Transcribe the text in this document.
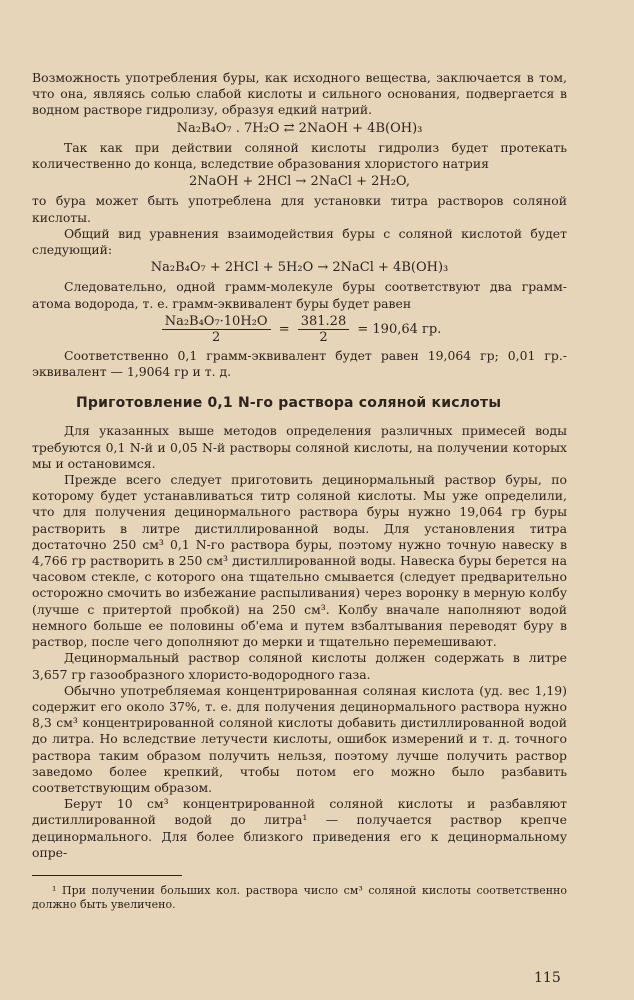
Возможность употребления буры, как исходного вещества, заключается в том, что она, являясь солью слабой кислоты и сильного основания, подвергается в водном растворе гидролизу, образуя едкий натрий.

Na₂B₄O₇ . 7H₂O ⇄ 2NaOH + 4B(OH)₃

Так как при действии соляной кислоты гидролиз будет протекать количественно до конца, вследствие образования хлористого натрия

2NaOH + 2HCl → 2NaCl + 2H₂O,

то бура может быть употреблена для установки титра растворов соляной кислоты.

Общий вид уравнения взаимодействия буры с соляной кислотой будет следующий:

Na₂B₄O₇ + 2HCl + 5H₂O → 2NaCl + 4B(OH)₃

Следовательно, одной грамм-молекуле буры соответствуют два грамм-атома водорода, т. е. грамм-эквивалент буры будет равен

$\frac{\text{Na₂B₄O₇·10H₂O}}{2} = \frac{381.28}{2} = 190,64$ гр.

Соответственно 0,1 грамм-эквивалент будет равен 19,064 гр; 0,01 гр.-эквивалент — 1,9064 гр и т. д.

Приготовление 0,1 N-го раствора соляной кислоты

Для указанных выше методов определения различных примесей воды требуются 0,1 N-й и 0,05 N-й растворы соляной кислоты, на получении которых мы и остановимся.

Прежде всего следует приготовить децинормальный раствор буры, по которому будет устанавливаться титр соляной кислоты. Мы уже определили, что для получения децинормального раствора буры нужно 19,064 гр буры растворить в литре дистиллированной воды. Для установления титра достаточно 250 см³ 0,1 N-го раствора буры, поэтому нужно точную навеску в 4,766 гр растворить в 250 см³ дистиллированной воды. Навеска буры берется на часовом стекле, с которого она тщательно смывается (следует предварительно осторожно смочить во избежание распыливания) через воронку в мерную колбу (лучше с притертой пробкой) на 250 см³. Колбу вначале наполняют водой немного больше ее половины об'ема и путем взбалтывания переводят буру в раствор, после чего дополняют до мерки и тщательно перемешивают.

Децинормальный раствор соляной кислоты должен содержать в литре 3,657 гр газообразного хлористо-водородного газа.

Обычно употребляемая концентрированная соляная кислота (уд. вес 1,19) содержит его около 37%, т. е. для получения децинормального раствора нужно 8,3 см³ концентрированной соляной кислоты добавить дистиллированной водой до литра. Но вследствие летучести кислоты, ошибок измерений и т. д. точного раствора таким образом получить нельзя, поэтому лучше получить раствор заведомо более крепкий, чтобы потом его можно было разбавить соответствующим образом.

Берут 10 см³ концентрированной соляной кислоты и разбавляют дистиллированной водой до литра¹ — получается раствор крепче децинормального. Для более близкого приведения его к децинормальному опре-

¹ При получении больших кол. раствора число см³ соляной кислоты соответственно должно быть увеличено.

115
